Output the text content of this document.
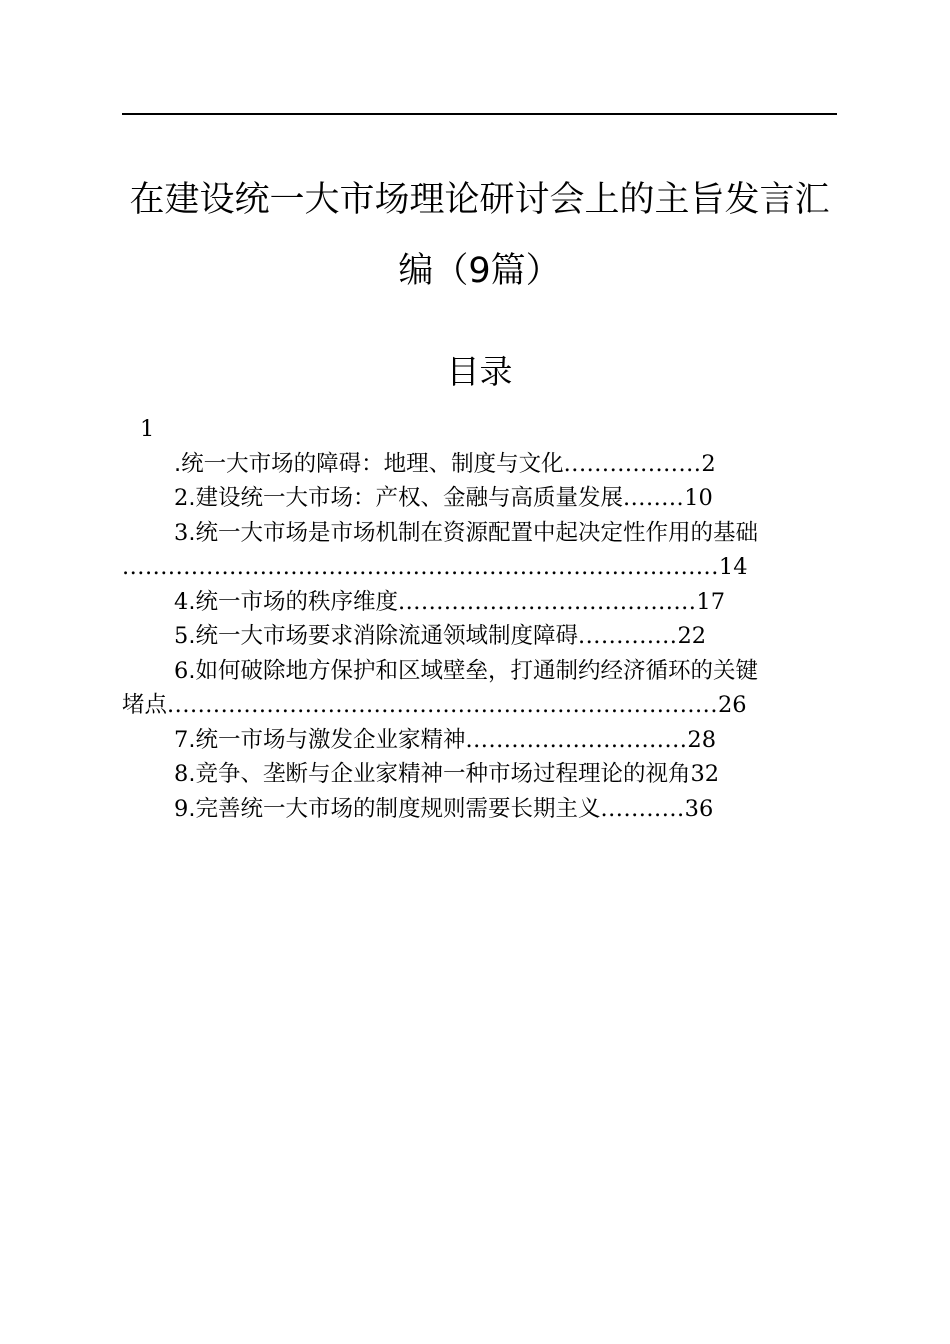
在建设统一大市场理论研讨会上的主旨发言汇
编（9篇）
目录
1
.统一大市场的障碍：地理、制度与文化..................2
2.建设统一大市场：产权、金融与高质量发展........10
3.统一大市场是市场机制在资源配置中起决定性作用的基础
..............................................................................14
4.统一市场的秩序维度.......................................17
5.统一大市场要求消除流通领域制度障碍.............22
6.如何破除地方保护和区域壁垒，打通制约经济循环的关键
堵点........................................................................26
7.统一市场与激发企业家精神.............................28
8.竞争、垄断与企业家精神一种市场过程理论的视角32
9.完善统一大市场的制度规则需要长期主义...........36
